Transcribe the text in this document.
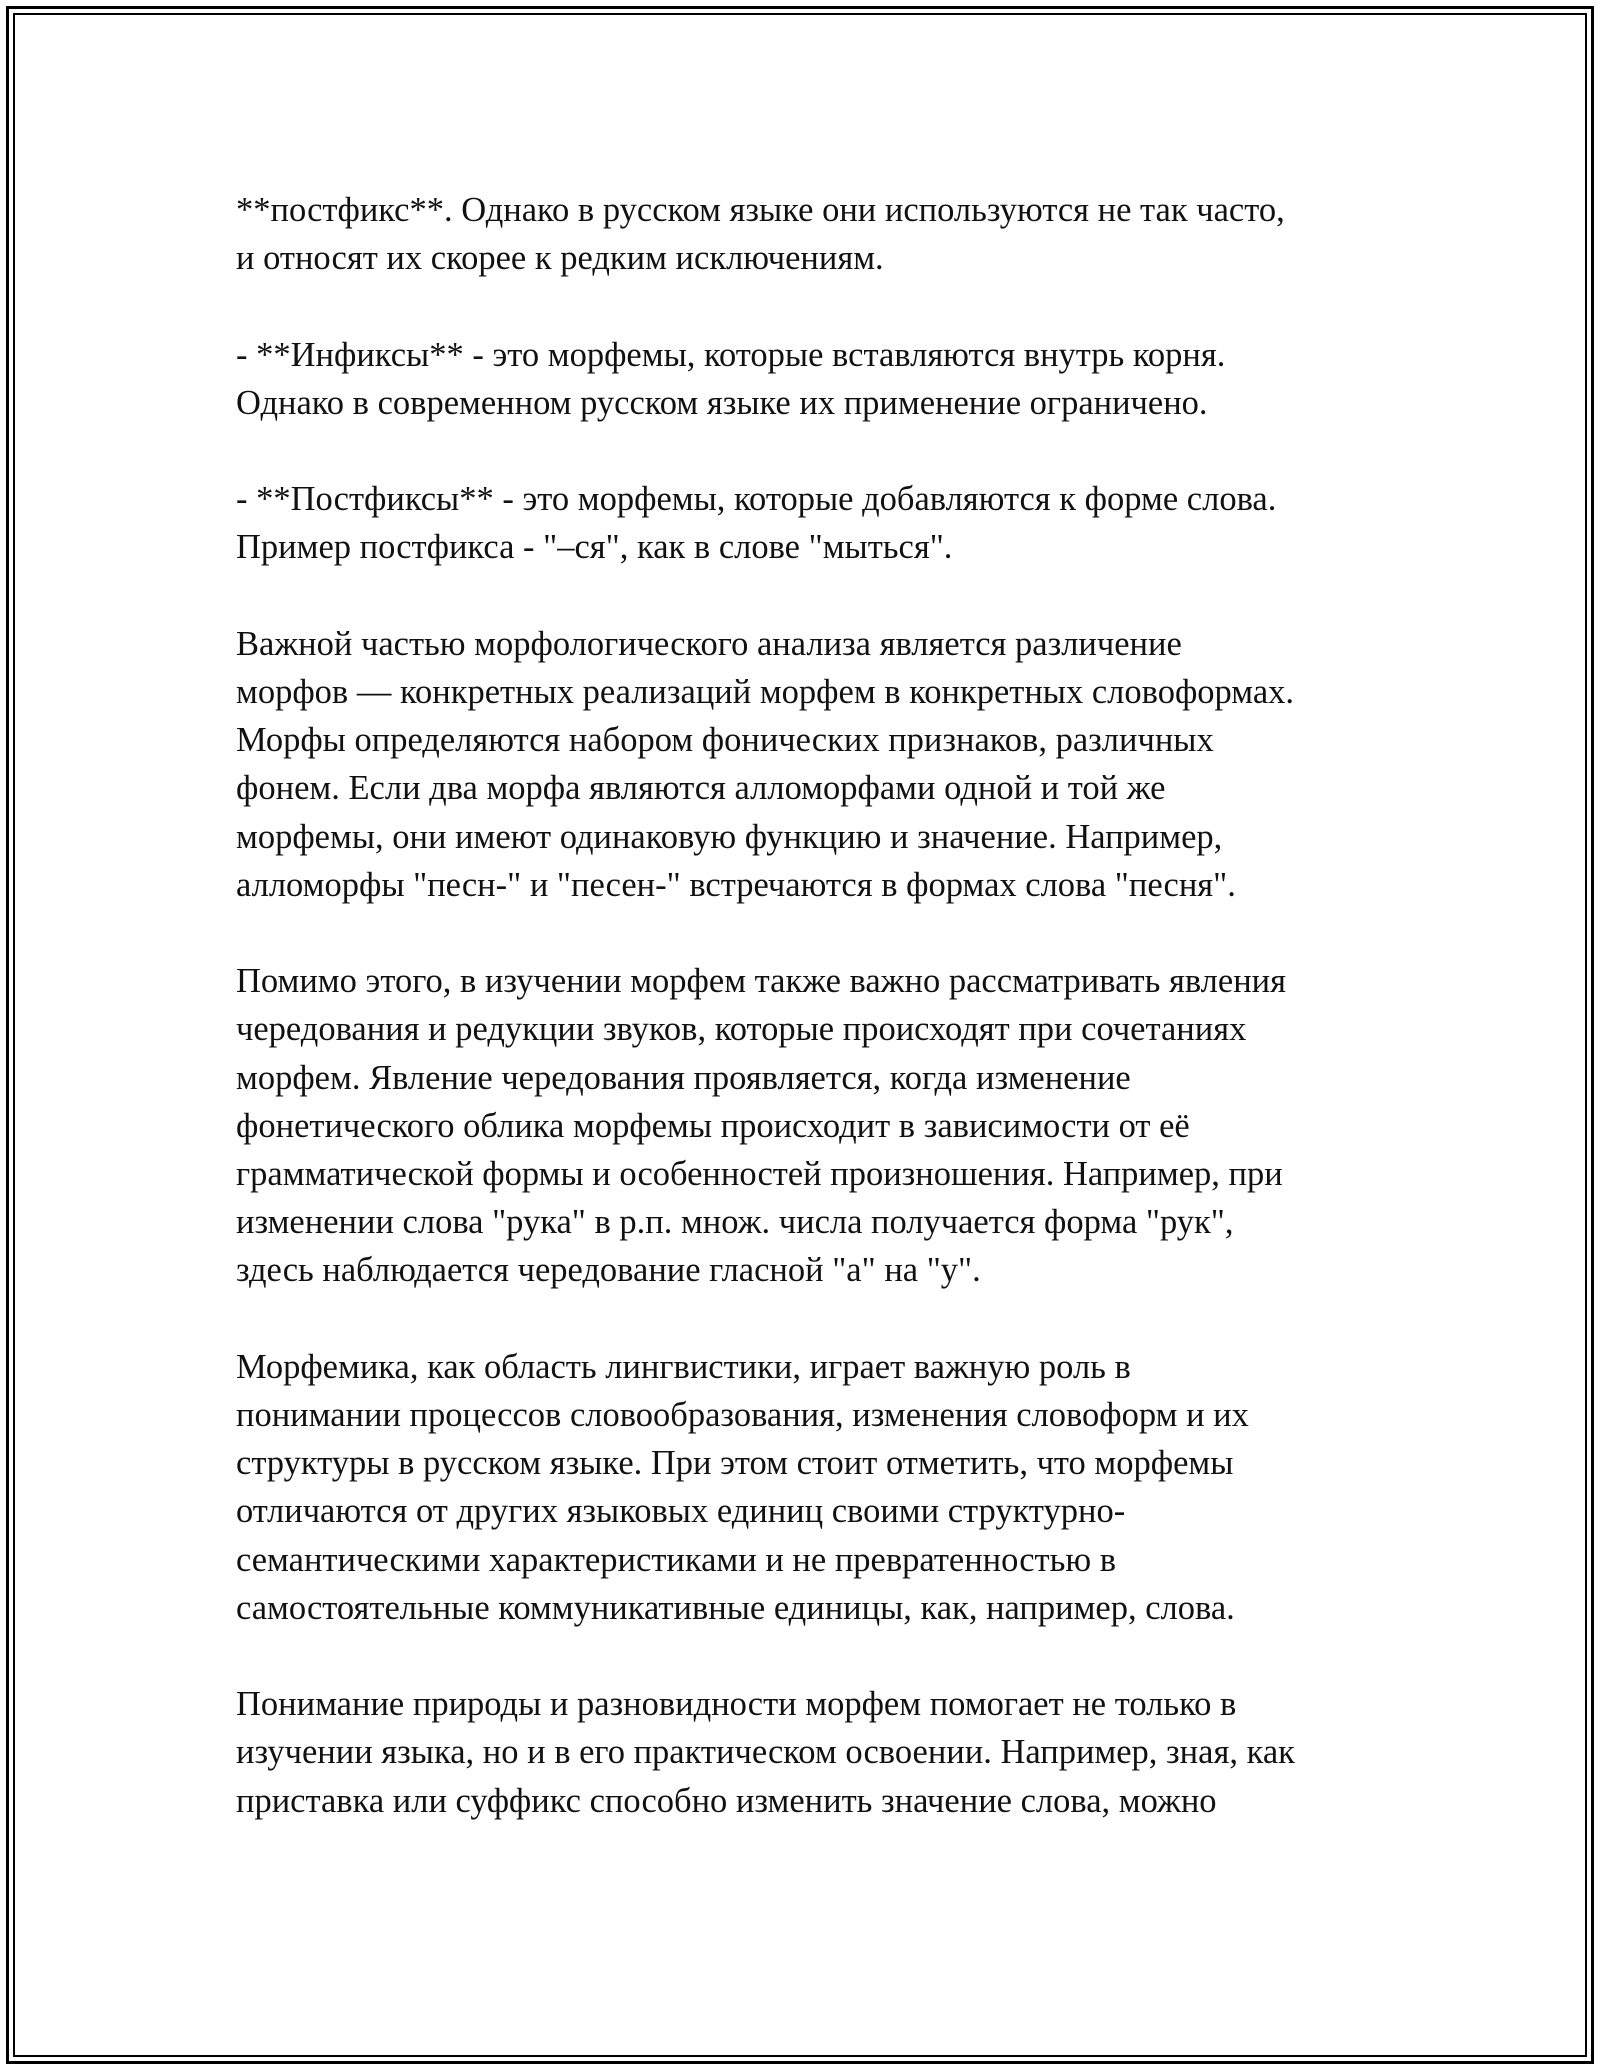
**постфикс**. Однако в русском языке они используются не так часто,
и относят их скорее к редким исключениям.

- **Инфиксы** - это морфемы, которые вставляются внутрь корня.
Однако в современном русском языке их применение ограничено.

- **Постфиксы** - это морфемы, которые добавляются к форме слова.
Пример постфикса - "–ся", как в слове "мыться".

Важной частью морфологического анализа является различение
морфов — конкретных реализаций морфем в конкретных словоформах.
Морфы определяются набором фонических признаков, различных
фонем. Если два морфа являются алломорфами одной и той же
морфемы, они имеют одинаковую функцию и значение. Например,
алломорфы "песн-" и "песен-" встречаются в формах слова "песня".

Помимо этого, в изучении морфем также важно рассматривать явления
чередования и редукции звуков, которые происходят при сочетаниях
морфем. Явление чередования проявляется, когда изменение
фонетического облика морфемы происходит в зависимости от её
грамматической формы и особенностей произношения. Например, при
изменении слова "рука" в р.п. множ. числа получается форма "рук",
здесь наблюдается чередование гласной "а" на "у".

Морфемика, как область лингвистики, играет важную роль в
понимании процессов словообразования, изменения словоформ и их
структуры в русском языке. При этом стоит отметить, что морфемы
отличаются от других языковых единиц своими структурно-
семантическими характеристиками и не превратенностью в
самостоятельные коммуникативные единицы, как, например, слова.

Понимание природы и разновидности морфем помогает не только в
изучении языка, но и в его практическом освоении. Например, зная, как
приставка или суффикс способно изменить значение слова, можно
